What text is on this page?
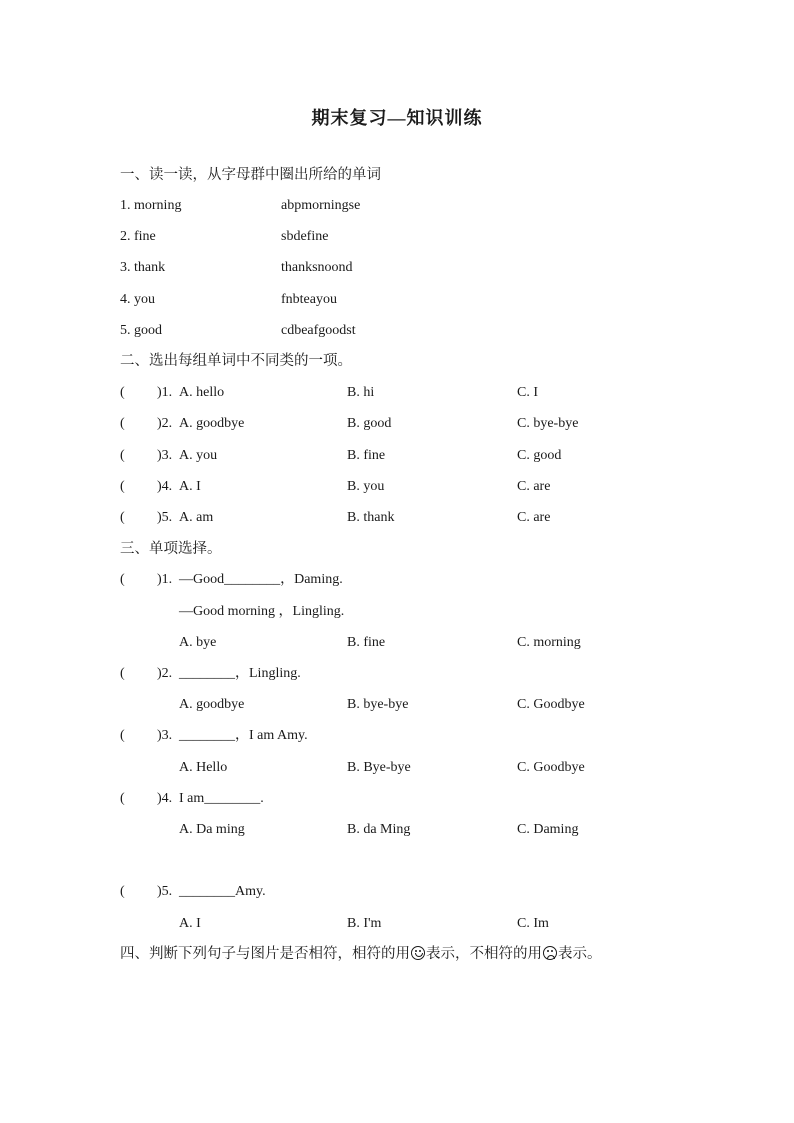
期末复习—知识训练
一、读一读，从字母群中圈出所给的单词
1. morning	abpmorningse
2. fine	sbdefine
3. thank	thanksnoond
4. you	fnbteayou
5. good	cdbeafgoodst
二、选出每组单词中不同类的一项。
( )1. A. hello	B. hi	C. I
( )2. A. goodbye	B. good	C. bye-bye
( )3. A. you	B. fine	C. good
( )4. A. I	B. you	C. are
( )5. A. am	B. thank	C. are
三、单项选择。
( )1. —Good________，Daming.
—Good morning ，Lingling.
A. bye	B. fine	C. morning
( )2. ________，Lingling.
A. goodbye	B. bye-bye	C. Goodbye
( )3. ________，I am Amy.
A. Hello	B. Bye-bye	C. Goodbye
( )4. I am________.
A. Da ming	B. da Ming	C. Daming
( )5. ________Amy.
A. I	B. I'm	C. Im
四、判断下列句子与图片是否相符，相符的用 表示，不相符的用 表示。
